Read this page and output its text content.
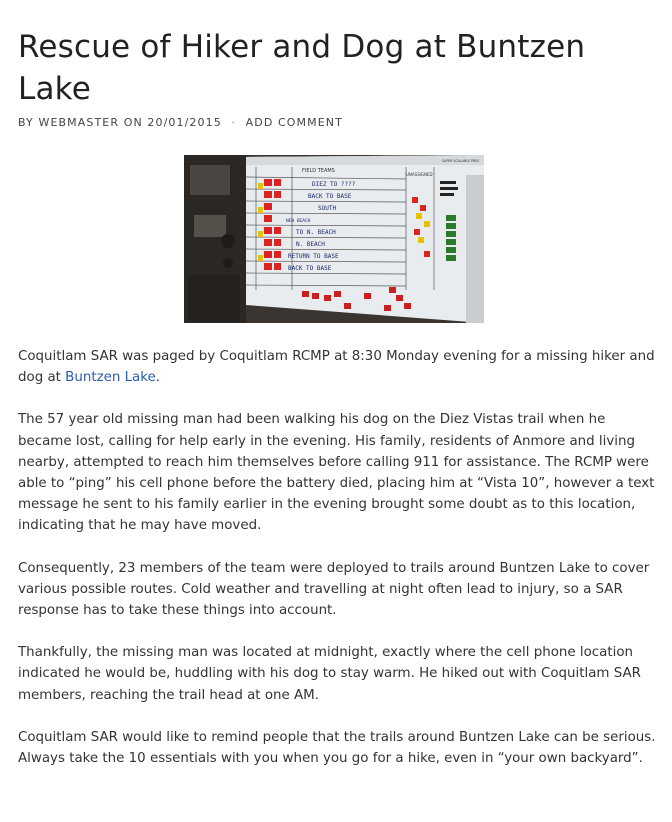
Rescue of Hiker and Dog at Buntzen Lake
BY WEBMASTER ON 20/01/2015 · ADD COMMENT
FIELD TEAMS
UNASSIGNED
SUPER SCALABLE PRES
DIEZ TO ????
BACK TO BASE
SOUTH
NEW BEACH
TO N. BEACH
N. BEACH
RETURN TO BASE
BACK TO BASE

Coquitlam SAR was paged by Coquitlam RCMP at 8:30 Monday evening for a missing hiker and dog at Buntzen Lake.

The 57 year old missing man had been walking his dog on the Diez Vistas trail when he became lost, calling for help early in the evening. His family, residents of Anmore and living nearby, attempted to reach him themselves before calling 911 for assistance. The RCMP were able to “ping” his cell phone before the battery died, placing him at “Vista 10”, however a text message he sent to his family earlier in the evening brought some doubt as to this location, indicating that he may have moved.

Consequently, 23 members of the team were deployed to trails around Buntzen Lake to cover various possible routes. Cold weather and travelling at night often lead to injury, so a SAR response has to take these things into account.

Thankfully, the missing man was located at midnight, exactly where the cell phone location indicated he would be, huddling with his dog to stay warm. He hiked out with Coquitlam SAR members, reaching the trail head at one AM.

Coquitlam SAR would like to remind people that the trails around Buntzen Lake can be serious. Always take the 10 essentials with you when you go for a hike, even in “your own backyard”.
